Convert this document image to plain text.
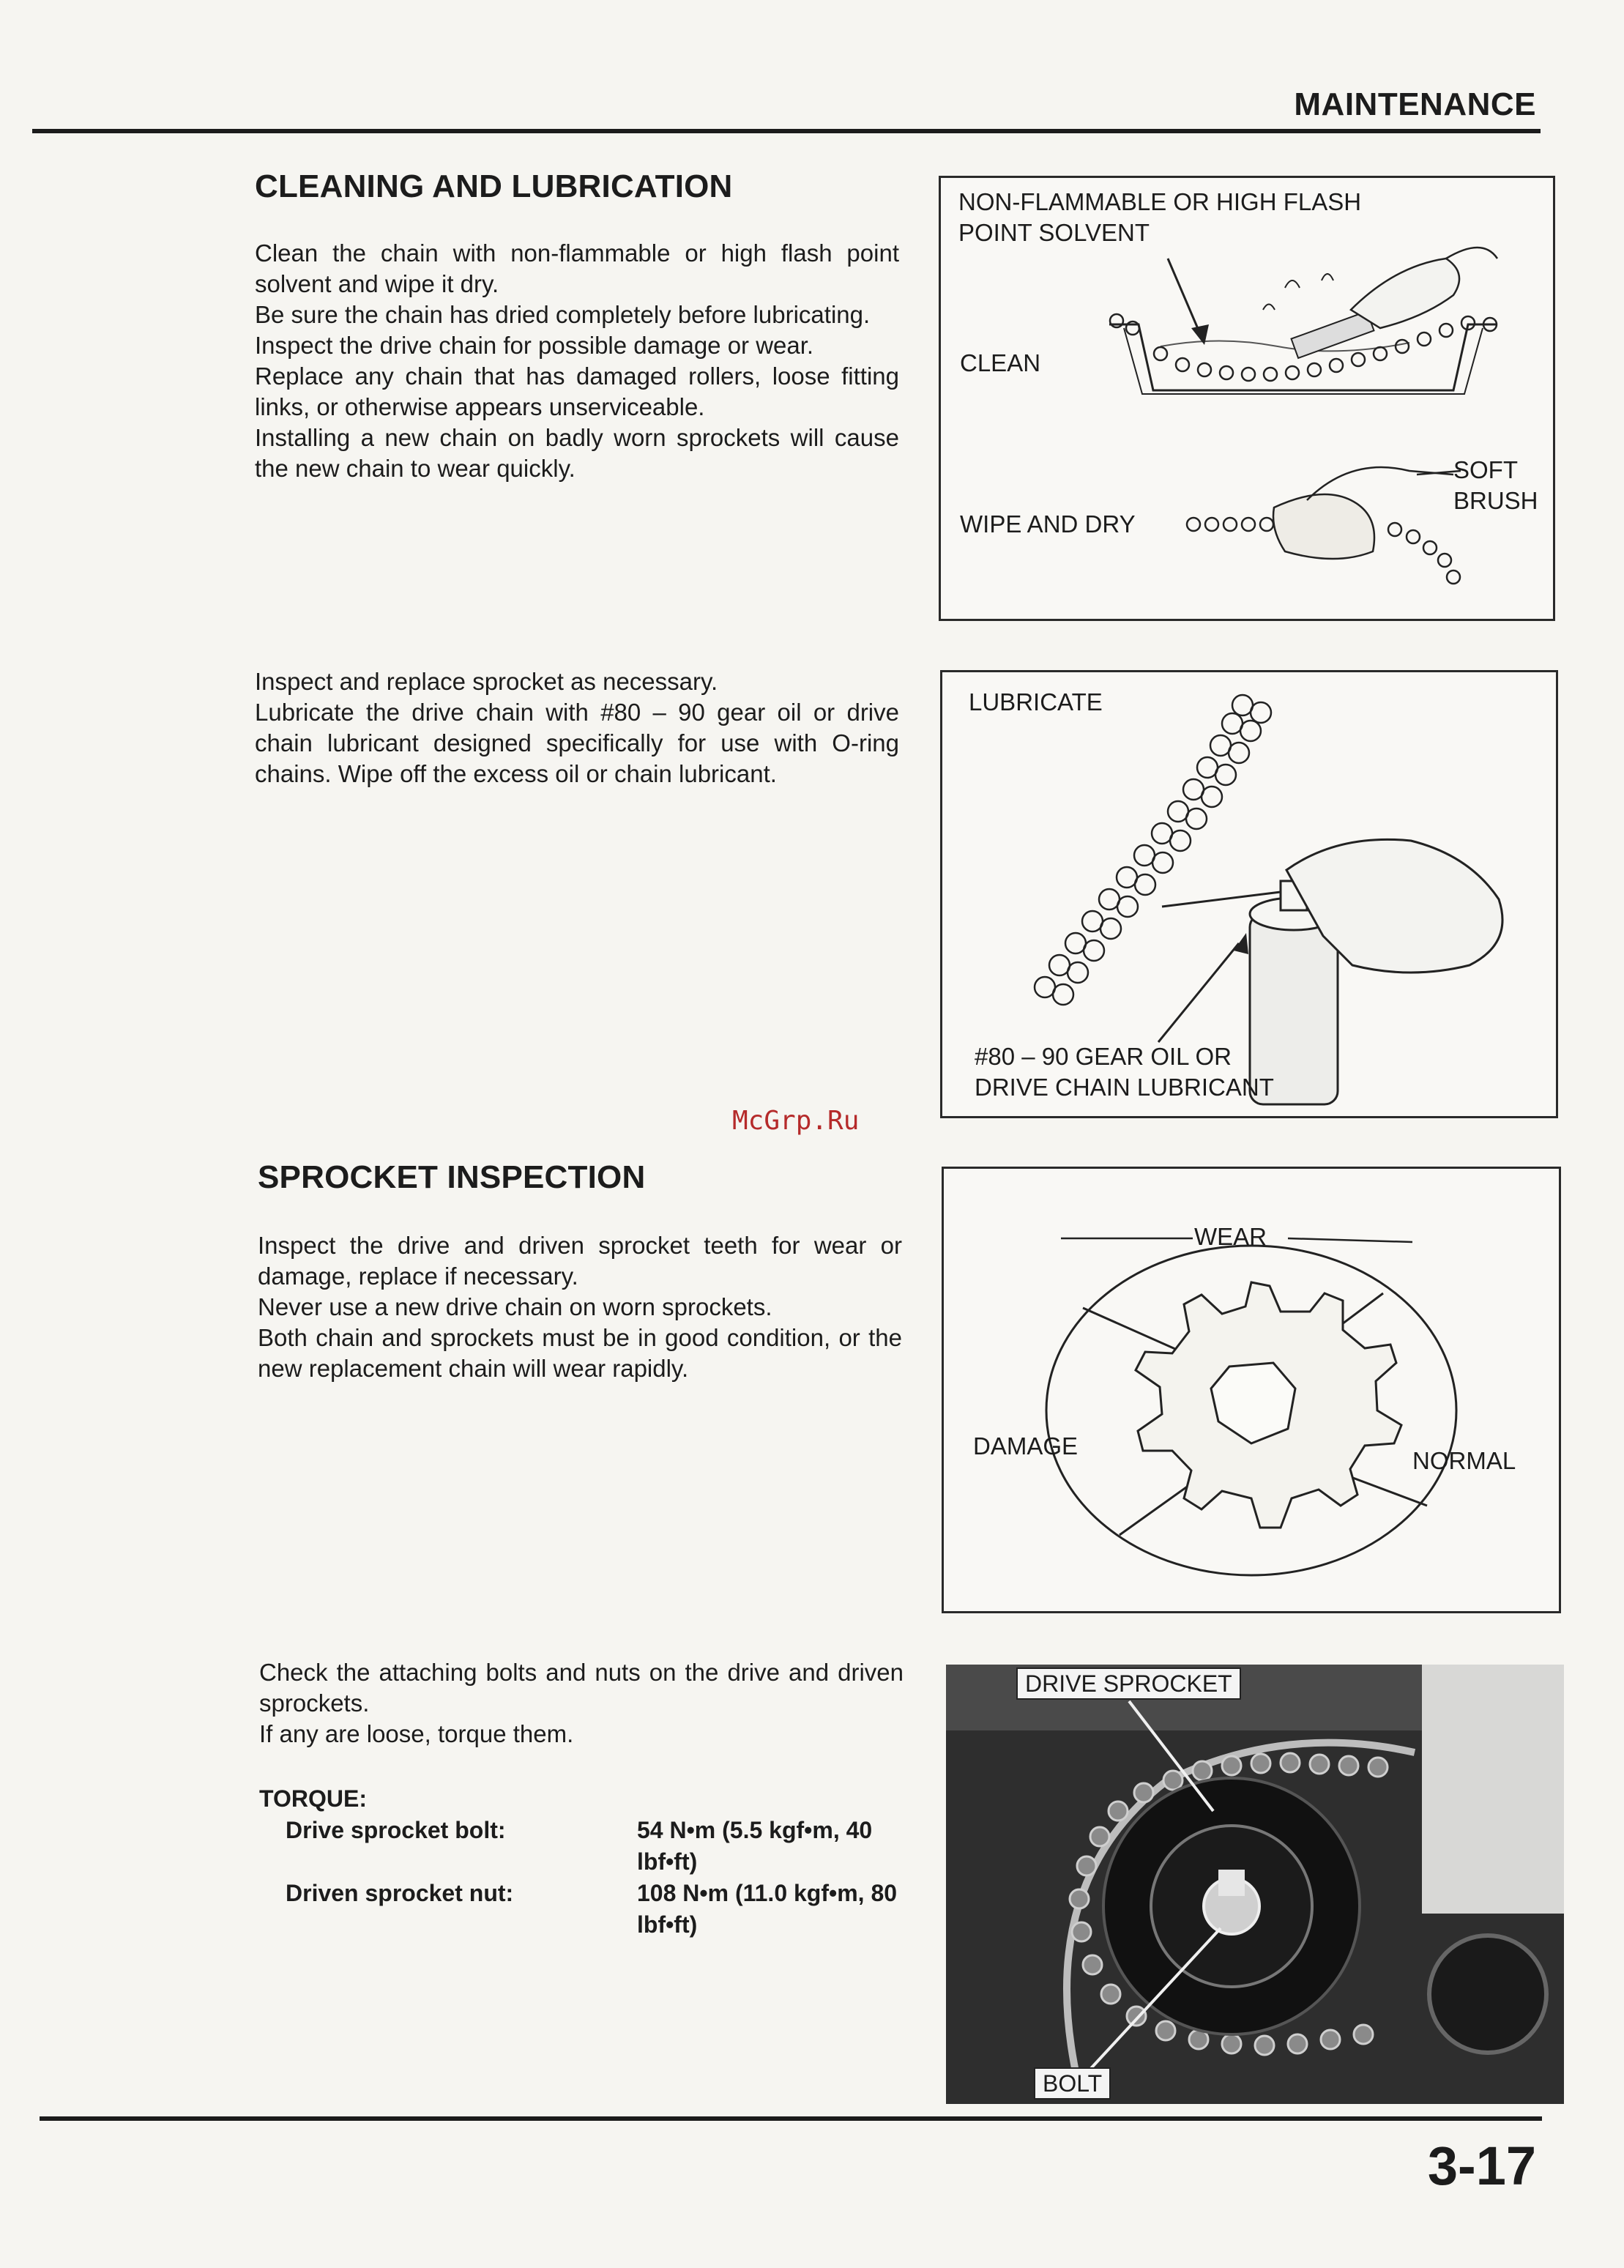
MAINTENANCE
CLEANING AND LUBRICATION

Clean the chain with non-flammable or high flash point solvent and wipe it dry.

Be sure the chain has dried completely before lubricating.

Inspect the drive chain for possible damage or wear.

Replace any chain that has damaged rollers, loose fitting links, or otherwise appears unserviceable.

Installing a new chain on badly worn sprockets will cause the new chain to wear quickly.

NON-FLAMMABLE OR HIGH FLASH
POINT SOLVENT
CLEAN
WIPE AND DRY
SOFT
BRUSH

Inspect and replace sprocket as necessary.

Lubricate the drive chain with #80 – 90 gear oil or drive chain lubricant designed specifically for use with O-ring chains. Wipe off the excess oil or chain lubricant.

LUBRICATE
#80 – 90 GEAR OIL OR
DRIVE CHAIN LUBRICANT
McGrp.Ru
SPROCKET INSPECTION

Inspect the drive and driven sprocket teeth for wear or damage, replace if necessary.

Never use a new drive chain on worn sprockets.

Both chain and sprockets must be in good condition, or the new replacement chain will wear rapidly.

WEAR
DAMAGE
NORMAL

Check the attaching bolts and nuts on the drive and driven sprockets.

If any are loose, torque them.

TORQUE:
Drive sprocket bolt:	54 N•m (5.5 kgf•m, 40 lbf•ft)
Driven sprocket nut:	108 N•m (11.0 kgf•m, 80 lbf•ft)
DRIVE SPROCKET
BOLT
3-17
